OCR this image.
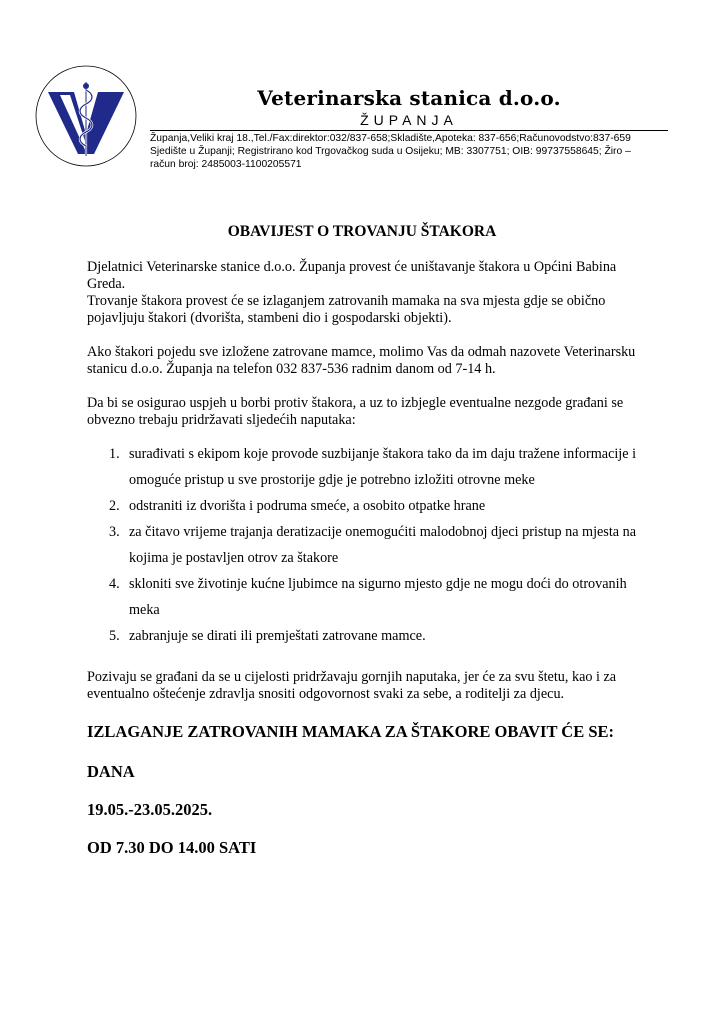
Veterinarska stanica d.o.o.
ŽUPANJA
Županja,Veliki kraj 18.,Tel./Fax:direktor:032/837-658;Skladište,Apoteka: 837-656;Računovodstvo:837-659
Sjedište u Županji; Registrirano kod Trgovačkog suda u Osijeku; MB: 3307751; OIB: 99737558645; Žiro –
račun broj: 2485003-1100205571
OBAVIJEST O TROVANJU ŠTAKORA
Djelatnici Veterinarske stanice d.o.o. Županja provest će uništavanje štakora u Općini Babina
Greda.
Trovanje štakora provest će se izlaganjem zatrovanih mamaka na sva mjesta gdje se obično
pojavljuju štakori (dvorišta, stambeni dio i gospodarski objekti).
Ako štakori pojedu sve izložene zatrovane mamce, molimo Vas da odmah nazovete Veterinarsku
stanicu d.o.o. Županja na telefon 032 837-536 radnim danom od 7-14 h.
Da bi se osigurao uspjeh u borbi protiv štakora, a uz to izbjegle eventualne nezgode građani se
obvezno trebaju pridržavati sljedećih naputaka:
1. surađivati s ekipom koje provode suzbijanje štakora tako da im daju tražene informacije i
omoguće pristup u sve prostorije gdje je potrebno izložiti otrovne meke
2. odstraniti iz dvorišta i podruma smeće, a osobito otpatke hrane
3. za čitavo vrijeme trajanja deratizacije onemogućiti malodobnoj djeci pristup na mjesta na
kojima je postavljen otrov za štakore
4. skloniti sve životinje kućne ljubimce na sigurno mjesto gdje ne mogu doći do otrovanih
meka
5. zabranjuje se dirati ili premještati zatrovane mamce.
Pozivaju se građani da se u cijelosti pridržavaju gornjih naputaka, jer će za svu štetu, kao i za
eventualno oštećenje zdravlja snositi odgovornost svaki za sebe, a roditelji za djecu.
IZLAGANJE ZATROVANIH MAMAKA ZA ŠTAKORE OBAVIT ĆE SE:
DANA
19.05.-23.05.2025.
OD 7.30 DO 14.00 SATI
